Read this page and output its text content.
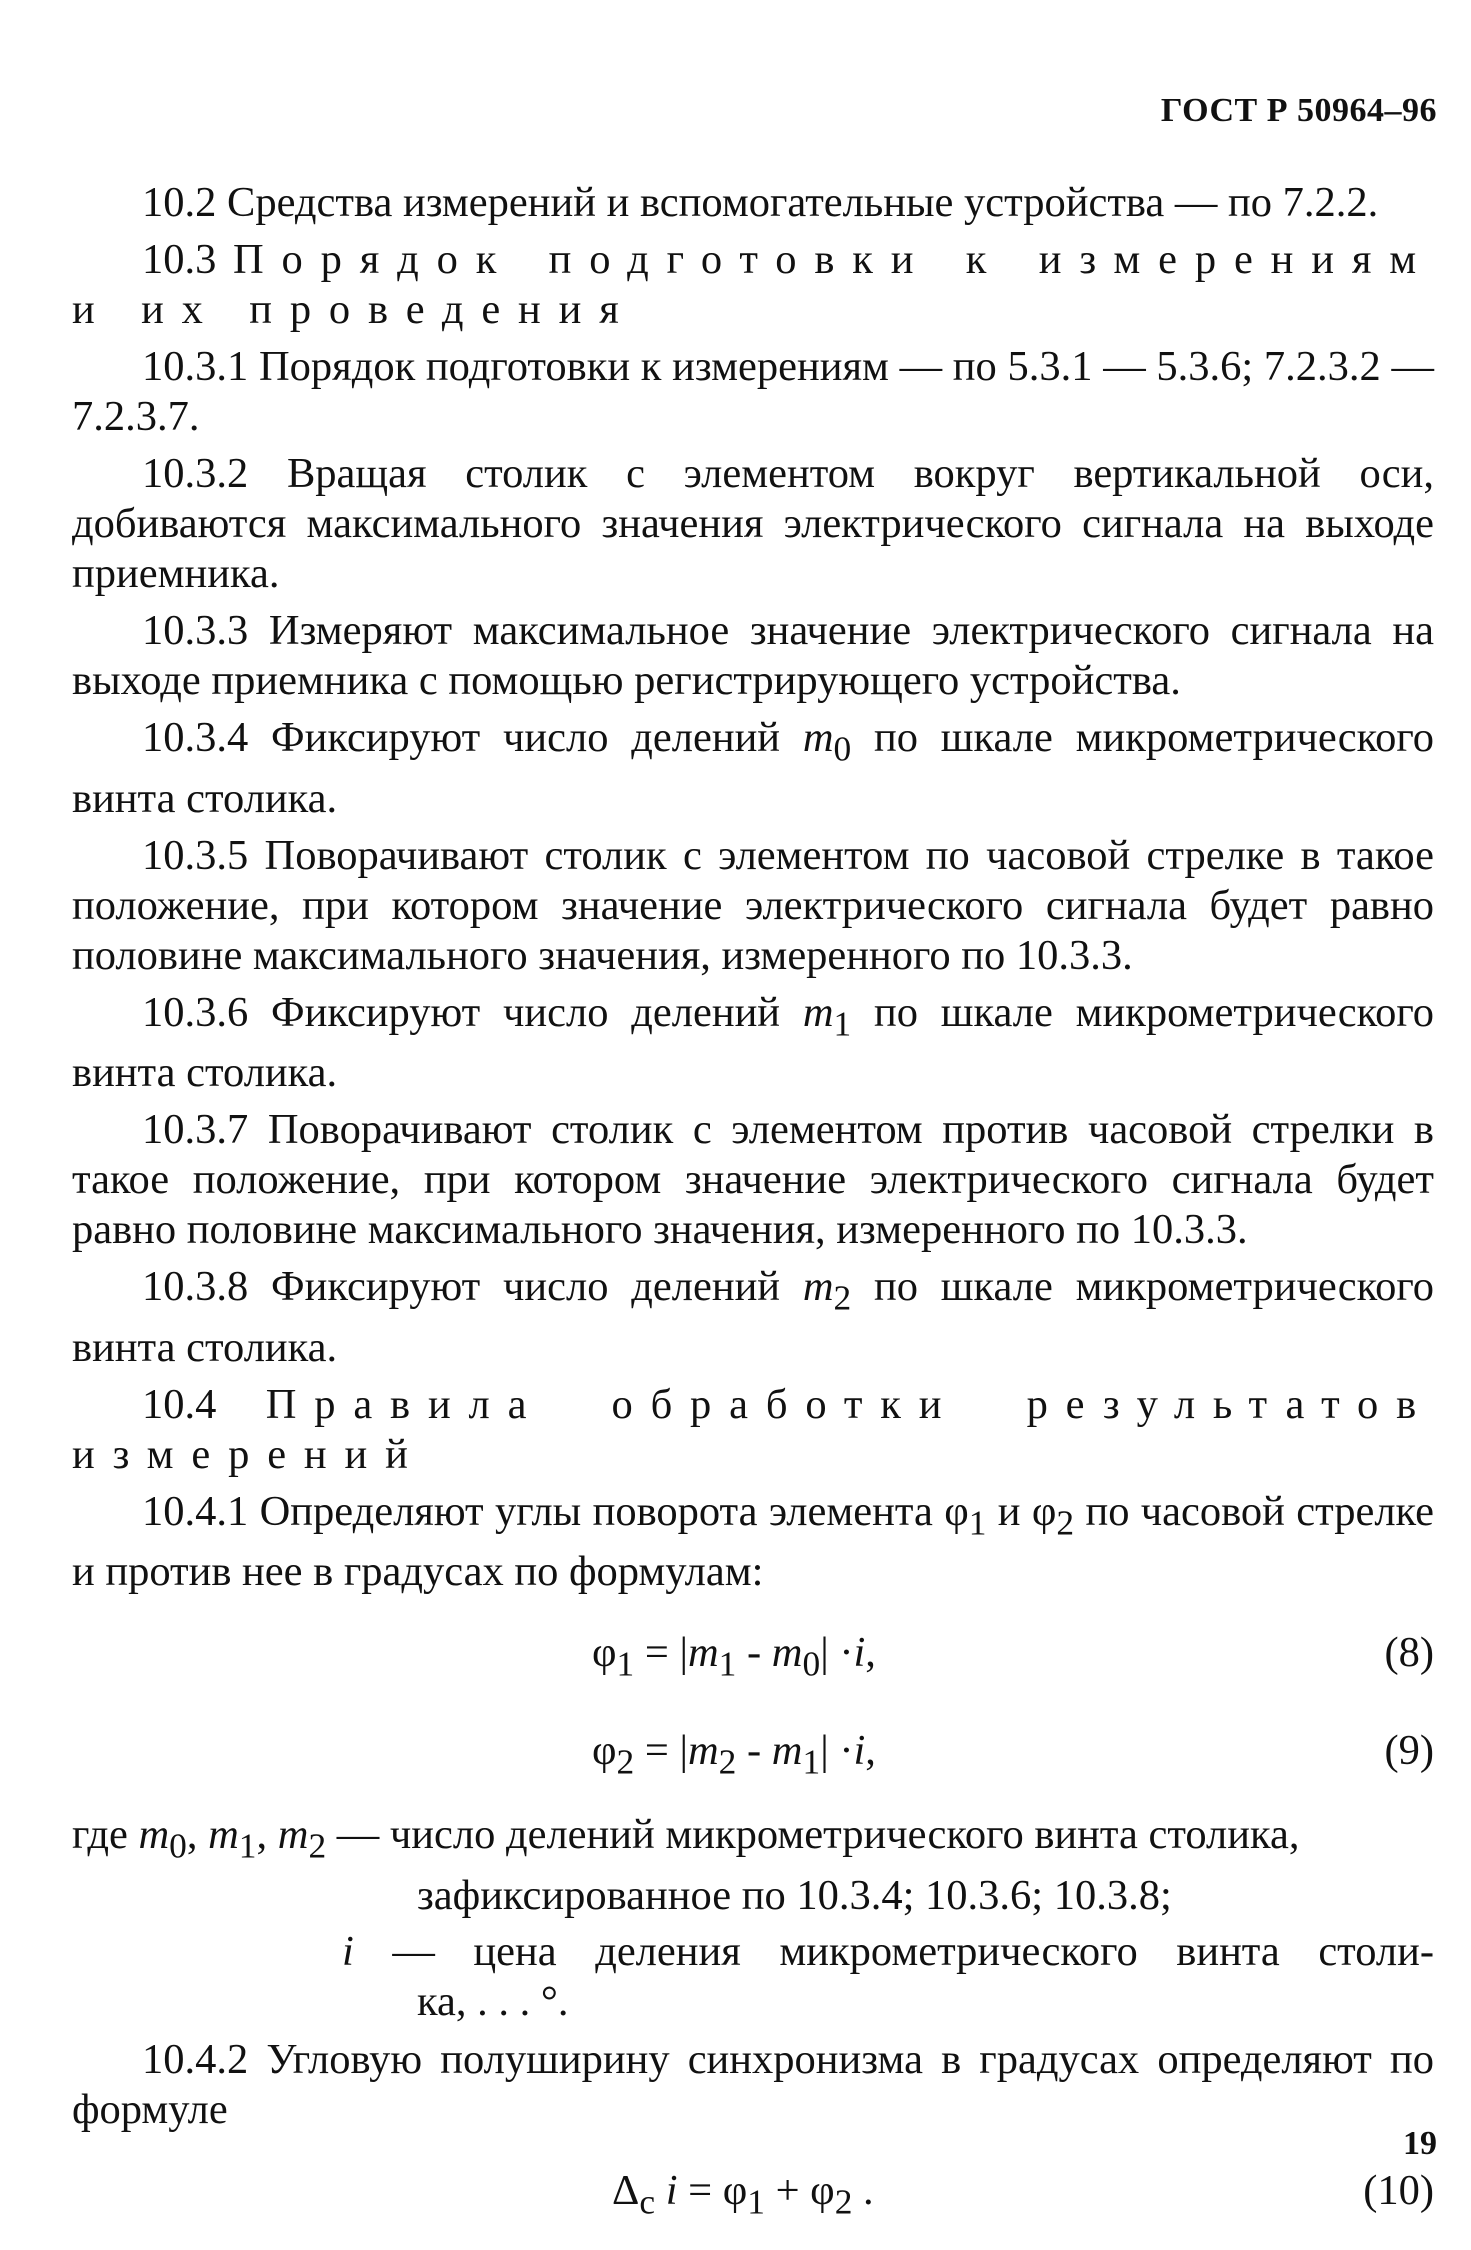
ГОСТ Р 50964–96

10.2 Средства измерений и вспомогательные устройства — по 7.2.2.

10.3 Порядок подготовки к измерениям и их проведения

10.3.1 Порядок подготовки к измерениям — по 5.3.1 — 5.3.6; 7.2.3.2 — 7.2.3.7.

10.3.2 Вращая столик с элементом вокруг вертикальной оси, добиваются максимального значения электрического сигнала на выходе приемника.

10.3.3 Измеряют максимальное значение электрического сигнала на выходе приемника с помощью регистрирующего устройства.

10.3.4 Фиксируют число делений $m_0$ по шкале микрометрического винта столика.

10.3.5 Поворачивают столик с элементом по часовой стрелке в такое положение, при котором значение электрического сигнала будет равно половине максимального значения, измеренного по 10.3.3.

10.3.6 Фиксируют число делений $m_1$ по шкале микрометрического винта столика.

10.3.7 Поворачивают столик с элементом против часовой стрелки в такое положение, при котором значение электрического сигнала будет равно половине максимального значения, измеренного по 10.3.3.

10.3.8 Фиксируют число делений $m_2$ по шкале микрометрического винта столика.

10.4 Правила обработки результатов измерений

10.4.1 Определяют углы поворота элемента $\varphi_1$ и $\varphi_2$ по часовой стрелке и против нее в градусах по формулам:

$\varphi_1 = |m_1 - m_0| \cdot i$,	(8)
$\varphi_2 = |m_2 - m_1| \cdot i$,	(9)

где $m_0$, $m_1$, $m_2$ — число делений микрометрического винта столика,

зафиксированное по 10.3.4; 10.3.6; 10.3.8;

i — цена деления микрометрического винта столи-

ка, . . . °.

10.4.2 Угловую полуширину синхронизма в градусах определяют по формуле

$\Delta_c$ $i = \varphi_1 + \varphi_2$ .	(10)
19
